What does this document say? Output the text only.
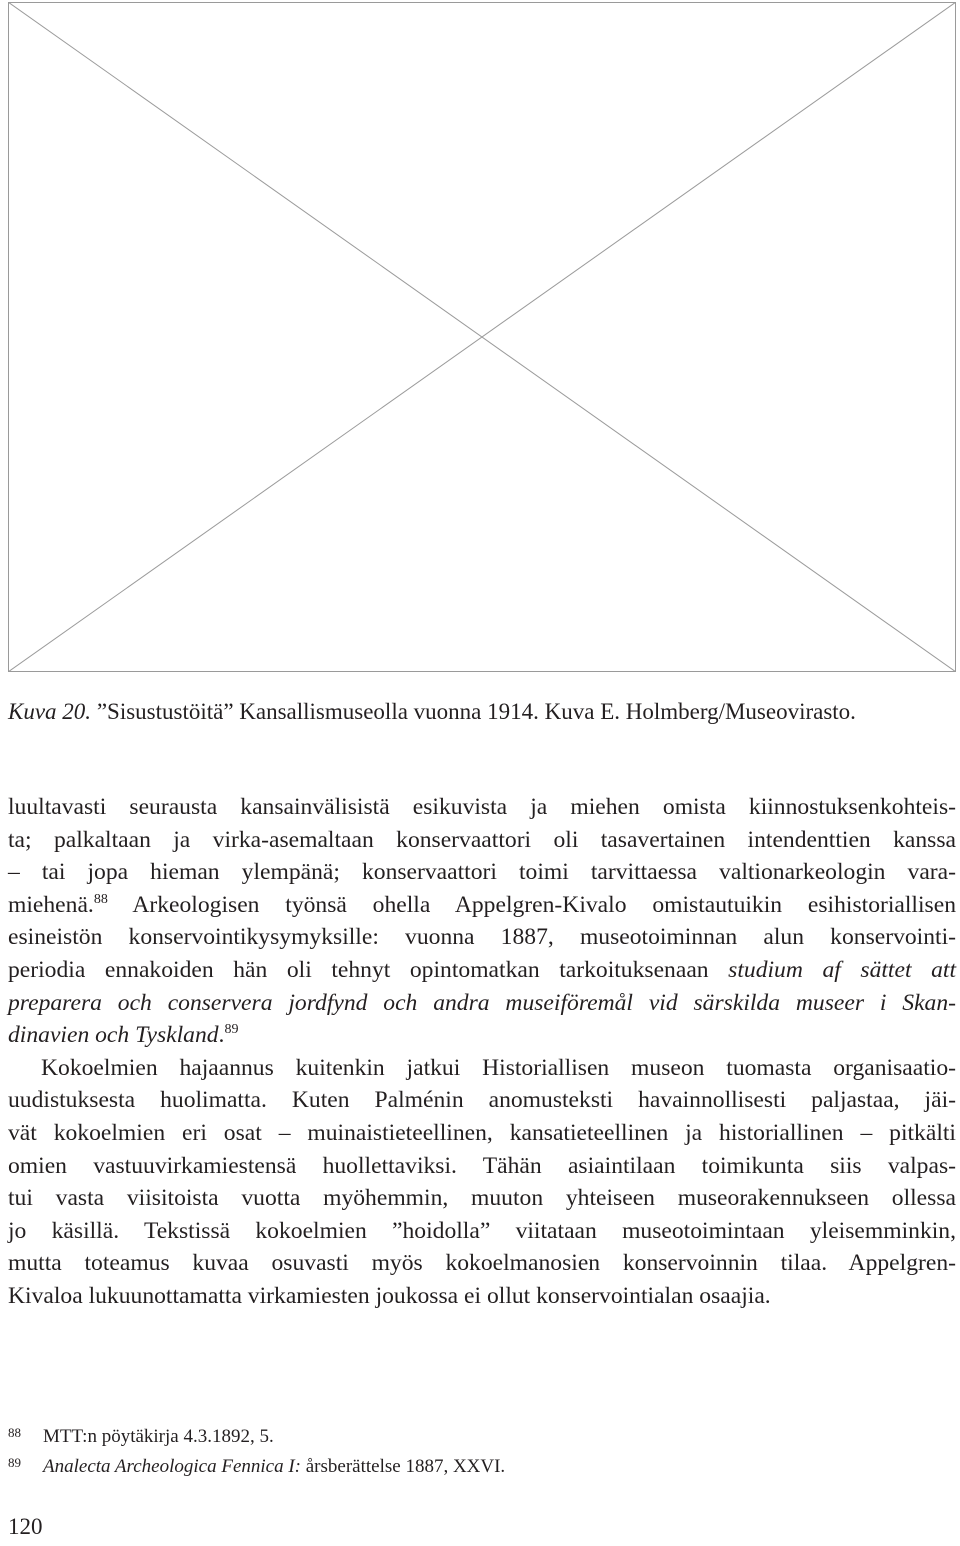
Kuva 20. ”Sisustustöitä” Kansallismuseolla vuonna 1914. Kuva E. Holmberg/Museovirasto.

luultavasti seurausta kansainvälisistä esikuvista ja miehen omista kiinnostuksenkohteis-
ta; palkaltaan ja virka-asemaltaan konservaattori oli tasavertainen intendenttien kanssa
– tai jopa hieman ylempänä; konservaattori toimi tarvittaessa valtionarkeologin vara-
miehenä.$^{88}$ Arkeologisen työnsä ohella Appelgren-Kivalo omistautuikin esihistoriallisen
esineistön konservointikysymyksille: vuonna 1887, museotoiminnan alun konservointi-
periodia ennakoiden hän oli tehnyt opintomatkan tarkoituksenaan studium af sättet att
preparera och conservera jordfynd och andra museiföremål vid särskilda museer i Skan-
dinavien och Tyskland.$^{89}$

Kokoelmien hajaannus kuitenkin jatkui Historiallisen museon tuomasta organisaatio-
uudistuksesta huolimatta. Kuten Palménin anomusteksti havainnollisesti paljastaa, jäi-
vät kokoelmien eri osat – muinaistieteellinen, kansatieteellinen ja historiallinen – pitkälti
omien vastuuvirkamiestensä huollettaviksi. Tähän asiaintilaan toimikunta siis valpas-
tui vasta viisitoista vuotta myöhemmin, muuton yhteiseen museorakennukseen ollessa
jo käsillä. Tekstissä kokoelmien ”hoidolla” viitataan museotoimintaan yleisemminkin,
mutta toteamus kuvaa osuvasti myös kokoelmanosien konservoinnin tilaa. Appelgren-
Kivaloa lukuunottamatta virkamiesten joukossa ei ollut konservointialan osaajia.

88 MTT:n pöytäkirja 4.3.1892, 5.
89 Analecta Archeologica Fennica I: årsberättelse 1887, XXVI.
120
